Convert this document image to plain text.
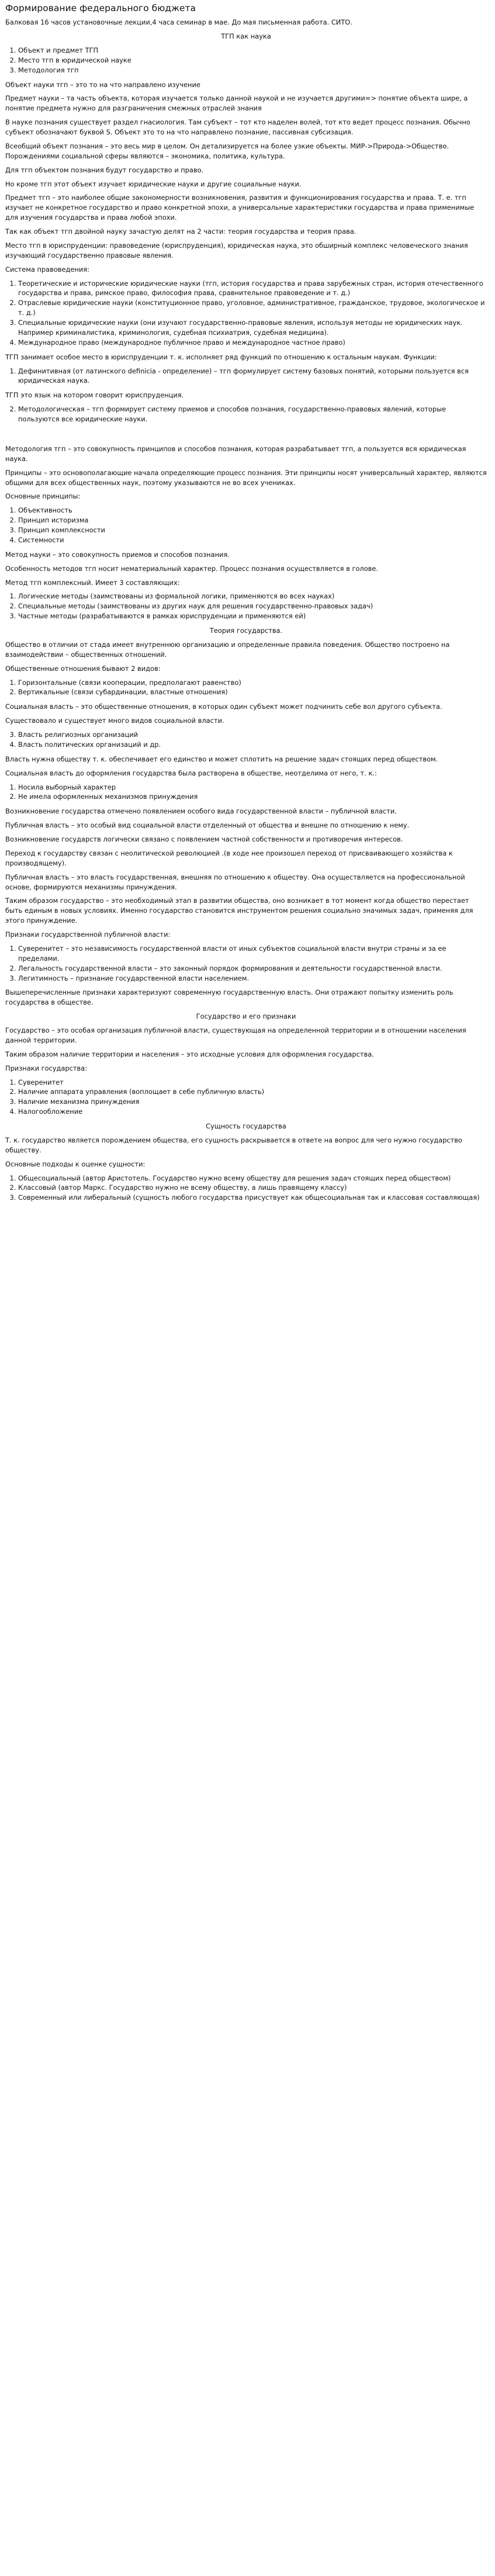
Формирование федерального бюджета

Балковая 16 часов установочные лекции,4 часа семинар в мае. До мая письменная работа. СИТО.

ТГП как наука

1. Объект и предмет ТГП
2. Место тгп в юридической науке
3. Методология тгп

Объект науки тгп – это то на что направлено изучение

Предмет науки – та часть объекта, которая изучается только данной наукой и не изучается другими=> понятие объекта шире, а понятие предмета нужно для разграничения смежных отраслей знания

В науке познания существует раздел гнасиология. Там субъект – тот кто наделен волей, тот кто ведет процесс познания. Обычно субъект обозначают буквой S. Объект это то на что направлено познание, пассивная субсизация.

Всеобщий объект познания – это весь мир в целом. Он детализируется на более узкие объекты. МИР->Природа->Общество. Порождениями социальной сферы являются – экономика, политика, культура.

Для тгп объектом познания будут государство и право.

Но кроме тгп этот объект изучает юридические науки и другие социальные науки.

Предмет тгп – это наиболее общие закономерности возникновения, развития и функционирования государства и права. Т. е. тгп изучает не конкретное государство и право конкретной эпохи, а универсальные характеристики государства и права применимые для изучения государства и права любой эпохи.

Так как объект тгп двойной науку зачастую делят на 2 части: теория государства и теория права.

Место тгп в юриспруденции: правоведение (юриспруденция), юридическая наука, это обширный комплекс человеческого знания изучающий государственно правовые явления.

Система правоведения:

1. Теоретические и исторические юридические науки (тгп, история государства и права зарубежных стран, история отечественного государства и права, римское право, философия права, сравнительное правоведение и т. д.)
2. Отраслевые юридические науки (конституционное право, уголовное, административное, гражданское, трудовое, экологическое и т. д.)
3. Специальные юридические науки (они изучают государственно-правовые явления, используя методы не юридических наук. Например криминалистика, криминология, судебная психиатрия, судебная медицина).
4. Международное право (международное публичное право и международное частное право)

ТГП занимает особое место в юриспруденции т. к. исполняет ряд функций по отношению к остальным наукам. Функции:

1. Дефинитивная (от латинского definicia - определение) – тгп формулирует систему базовых понятий, которыми пользуется вся юридическая наука.

ТГП это язык на котором говорит юриспруденция.

2. Методологическая – тгп формирует систему приемов и способов познания, государственно-правовых явлений, которые пользуются все юридические науки.

Методология тгп – это совокупность принципов и способов познания, которая разрабатывает тгп, а пользуется вся юридическая наука.

Принципы – это основополагающие начала определяющие процесс познания. Эти принципы носят универсальный характер, являются общими для всех общественных наук, поэтому указываются не во всех учениках.

Основные принципы:

1. Объективность
2. Принцип историзма
3. Принцип комплексности
4. Системности

Метод науки – это совокупность приемов и способов познания.

Особенность методов тгп носит нематериальный характер. Процесс познания осуществляется в голове.

Метод тгп комплексный. Имеет 3 составляющих:

1. Логические методы (заимствованы из формальной логики, применяются во всех науках)
2. Специальные методы (заимствованы из других наук для решения государственно-правовых задач)
3. Частные методы (разрабатываются в рамках юриспруденции и применяются ей)

Теория государства.

Общество в отличии от стада имеет внутреннюю организацию и определенные правила поведения. Общество построено на взаимодействии – общественных отношений.

Общественные отношения бывают 2 видов:

1. Горизонтальные (связи кооперации, предполагают равенство)
2. Вертикальные (связи субардинации, властные отношения)

Социальная власть – это общественные отношения, в которых один субъект может подчинить себе вол другого субъекта.

Существовало и существует много видов социальной власти.

3. Власть религиозных организаций
4. Власть политических организаций и др.

Власть нужна обществу т. к. обеспечивает его единство и может сплотить на решение задач стоящих перед обществом.

Социальная власть до оформления государства была растворена в обществе, неотделима от него, т. к.:

1. Носила выборный характер
2. Не имела оформленных механизмов принуждения

Возникновение государства отмечено появлением особого вида государственной власти – публичной власти.

Публичная власть – это особый вид социальной власти отделенный от общества и внешне по отношению к нему.

Возникновение государств логически связано с появлением частной собственности и противоречия интересов.

Переход к государству связан с неолитической революцией .(в ходе нее произошел переход от присваивающего хозяйства к производящему).

Публичная власть – это власть государственная, внешняя по отношению к обществу. Она осуществляется на профессиональной основе, формируются механизмы принуждения.

Таким образом государство – это необходимый этап в развитии общества, оно возникает в тот момент когда общество перестает быть единым в новых условиях. Именно государство становится инструментом решения социально значимых задач, применяя для этого принуждение.

Признаки государственной публичной власти:

1. Суверенитет – это независимость государственной власти от иных субъектов социальной власти внутри страны и за ее пределами.
2. Легальность государственной власти – это законный порядок формирования и деятельности государственной власти.
3. Легитимность – признание государственной власти населением.

Вышеперечисленные признаки характеризуют современную государственную власть. Они отражают попытку изменить роль государства в обществе.

Государство и его признаки

Государство – это особая организация публичной власти, существующая на определенной территории и в отношении населения данной территории.

Таким образом наличие территории и населения – это исходные условия для оформления государства.

Признаки государства:

1. Суверенитет
2. Наличие аппарата управления (воплощает в себе публичную власть)
3. Наличие механизма принуждения
4. Налогообложение

Сущность государства

Т. к. государство является порождением общества, его сущность раскрывается в ответе на вопрос для чего нужно государство обществу.

Основные подходы к оценке сущности:

1. Общесоциальный (автор Аристотель. Государство нужно всему обществу для решения задач стоящих перед обществом)
2. Классовый (автор Маркс. Государство нужно не всему обществу, а лишь правящему классу)
3. Современный или либеральный (сущность любого государства присуствует как общесоциальная так и классовая составляющая)
